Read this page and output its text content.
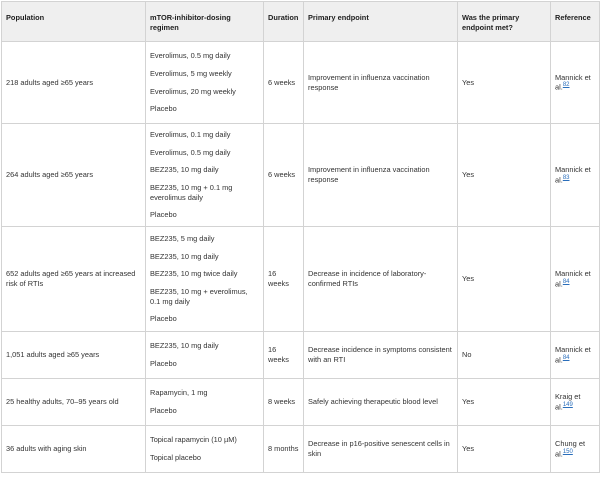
Population	mTOR-inhibitor-dosing regimen	Duration	Primary endpoint	Was the primary endpoint met?	Reference
218 adults aged ≥65 years	Everolimus, 0.5 mg daily

Everolimus, 5 mg weekly

Everolimus, 20 mg weekly

Placebo	6 weeks	Improvement in influenza vaccination response	Yes	Mannick et al.$^{82}$
264 adults aged ≥65 years	Everolimus, 0.1 mg daily

Everolimus, 0.5 mg daily

BEZ235, 10 mg daily

BEZ235, 10 mg + 0.1 mg everolimus daily

Placebo	6 weeks	Improvement in influenza vaccination response	Yes	Mannick et al.$^{83}$
652 adults aged ≥65 years at increased risk of RTIs	BEZ235, 5 mg daily

BEZ235, 10 mg daily

BEZ235, 10 mg twice daily

BEZ235, 10 mg + everolimus, 0.1 mg daily

Placebo	16 weeks	Decrease in incidence of laboratory-confirmed RTIs	Yes	Mannick et al.$^{84}$
1,051 adults aged ≥65 years	BEZ235, 10 mg daily

Placebo	16 weeks	Decrease incidence in symptoms consistent with an RTI	No	Mannick et al.$^{84}$
25 healthy adults, 70–95 years old	Rapamycin, 1 mg

Placebo	8 weeks	Safely achieving therapeutic blood level	Yes	Kraig et al.$^{149}$
36 adults with aging skin	Topical rapamycin (10 µM)

Topical placebo	8 months	Decrease in p16-positive senescent cells in skin	Yes	Chung et al.$^{150}$
